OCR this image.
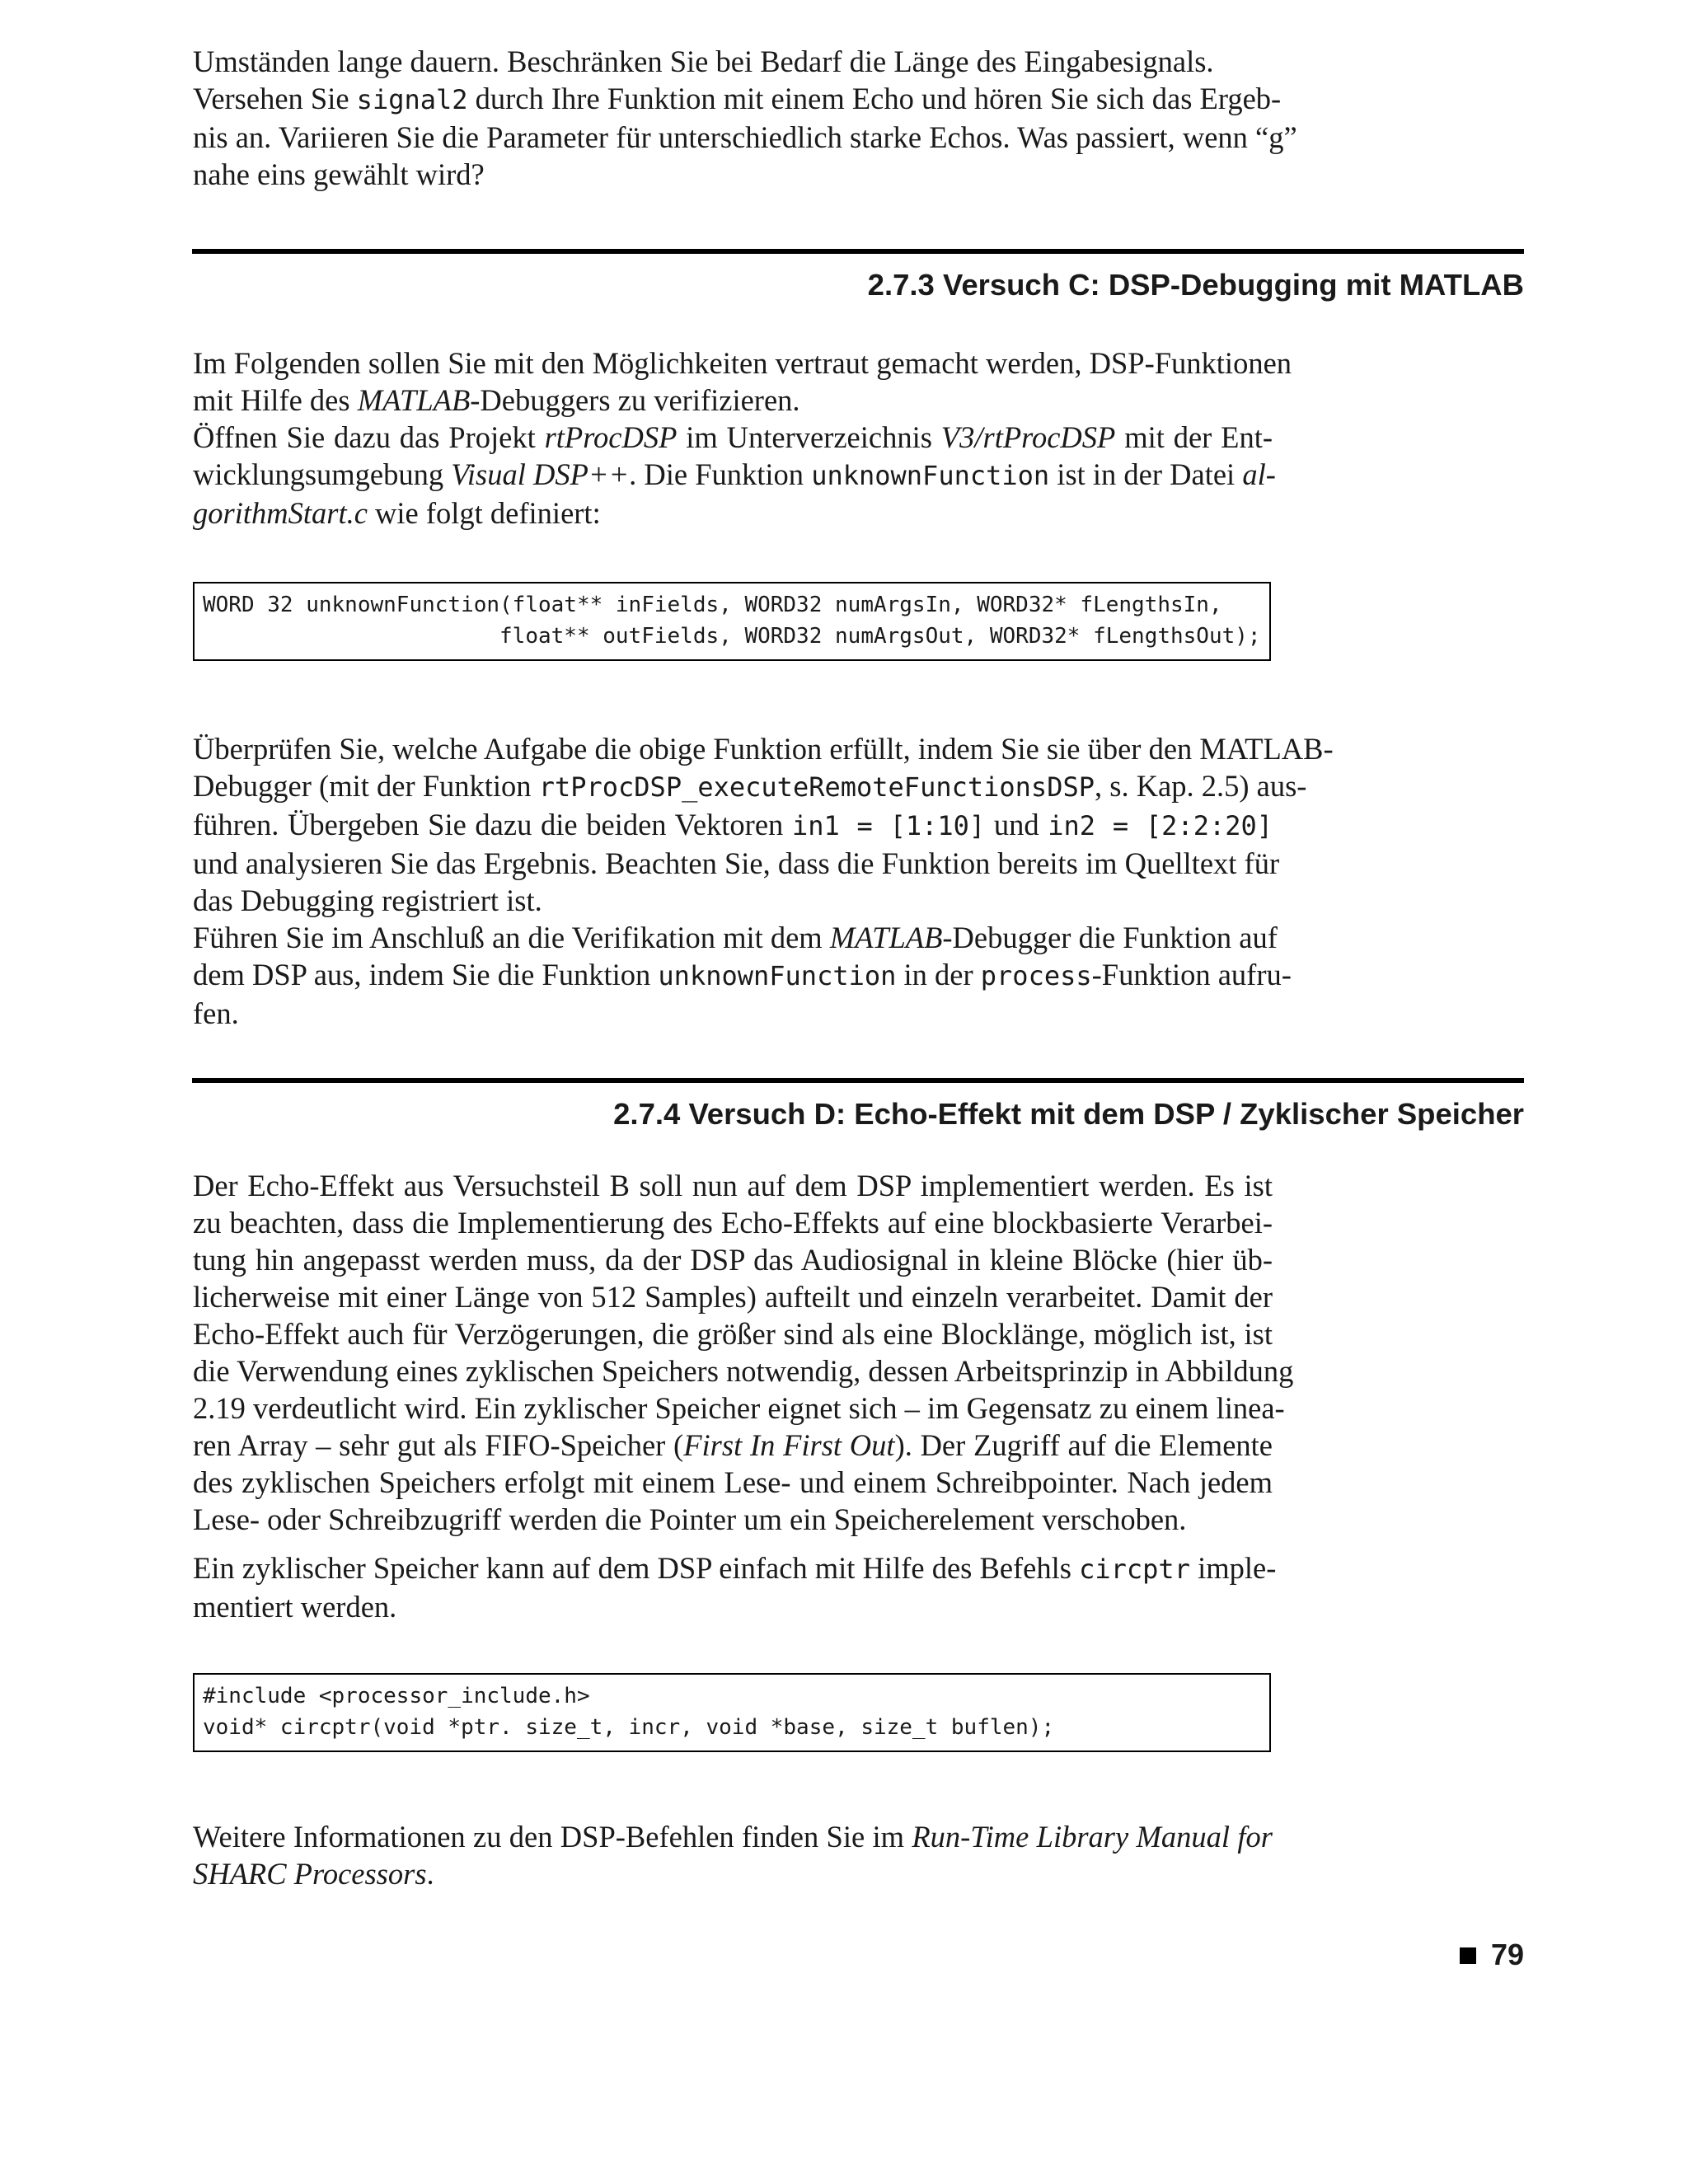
Umständen lange dauern. Beschränken Sie bei Bedarf die Länge des Eingabesignals.
Versehen Sie signal2 durch Ihre Funktion mit einem Echo und hören Sie sich das Ergeb-
nis an. Variieren Sie die Parameter für unterschiedlich starke Echos. Was passiert, wenn “g”
nahe eins gewählt wird?
2.7.3 Versuch C: DSP-Debugging mit MATLAB
Im Folgenden sollen Sie mit den Möglichkeiten vertraut gemacht werden, DSP-Funktionen
mit Hilfe des MATLAB-Debuggers zu verifizieren.
Öffnen Sie dazu das Projekt rtProcDSP im Unterverzeichnis V3/rtProcDSP mit der Ent-
wicklungsumgebung Visual DSP++. Die Funktion unknownFunction ist in der Datei al-
gorithmStart.c wie folgt definiert:
WORD 32 unknownFunction(float** inFields, WORD32 numArgsIn, WORD32* fLengthsIn,
float** outFields, WORD32 numArgsOut, WORD32* fLengthsOut);
Überprüfen Sie, welche Aufgabe die obige Funktion erfüllt, indem Sie sie über den MATLAB-
Debugger (mit der Funktion rtProcDSP_executeRemoteFunctionsDSP, s. Kap. 2.5) aus-
führen. Übergeben Sie dazu die beiden Vektoren in1 = [1:10] und in2 = [2:2:20]
und analysieren Sie das Ergebnis. Beachten Sie, dass die Funktion bereits im Quelltext für
das Debugging registriert ist.
Führen Sie im Anschluß an die Verifikation mit dem MATLAB-Debugger die Funktion auf
dem DSP aus, indem Sie die Funktion unknownFunction in der process-Funktion aufru-
fen.
2.7.4 Versuch D: Echo-Effekt mit dem DSP / Zyklischer Speicher
Der Echo-Effekt aus Versuchsteil B soll nun auf dem DSP implementiert werden. Es ist
zu beachten, dass die Implementierung des Echo-Effekts auf eine blockbasierte Verarbei-
tung hin angepasst werden muss, da der DSP das Audiosignal in kleine Blöcke (hier üb-
licherweise mit einer Länge von 512 Samples) aufteilt und einzeln verarbeitet. Damit der
Echo-Effekt auch für Verzögerungen, die größer sind als eine Blocklänge, möglich ist, ist
die Verwendung eines zyklischen Speichers notwendig, dessen Arbeitsprinzip in Abbildung
2.19 verdeutlicht wird. Ein zyklischer Speicher eignet sich – im Gegensatz zu einem linea-
ren Array – sehr gut als FIFO-Speicher (First In First Out). Der Zugriff auf die Elemente
des zyklischen Speichers erfolgt mit einem Lese- und einem Schreibpointer. Nach jedem
Lese- oder Schreibzugriff werden die Pointer um ein Speicherelement verschoben.
Ein zyklischer Speicher kann auf dem DSP einfach mit Hilfe des Befehls circptr imple-
mentiert werden.
#include <processor_include.h>
void* circptr(void *ptr. size_t, incr, void *base, size_t buflen);
Weitere Informationen zu den DSP-Befehlen finden Sie im Run-Time Library Manual for
SHARC Processors.
79
